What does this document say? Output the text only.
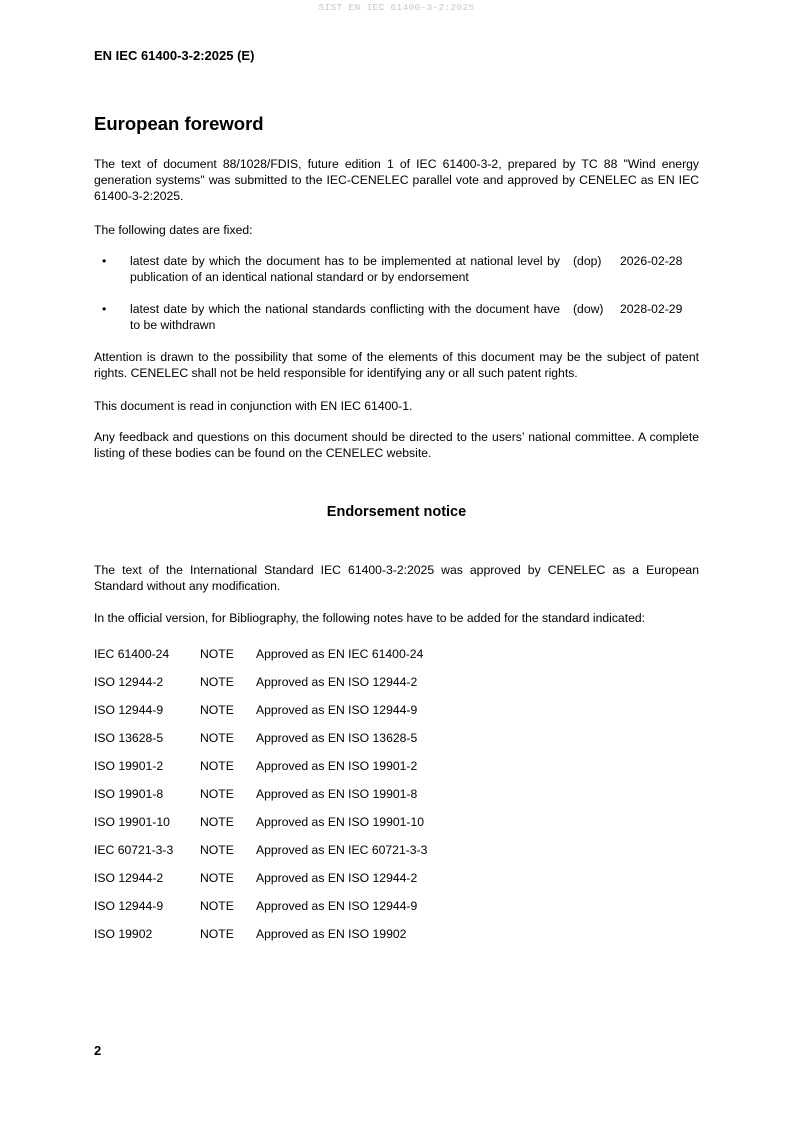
SIST EN IEC 61400-3-2:2025
EN IEC 61400-3-2:2025 (E)
European foreword

The text of document 88/1028/FDIS, future edition 1 of IEC 61400-3-2, prepared by TC 88 "Wind energy generation systems" was submitted to the IEC-CENELEC parallel vote and approved by CENELEC as EN IEC 61400-3-2:2025.

The following dates are fixed:

• latest date by which the document has to be implemented at national level by publication of an identical national standard or by endorsement
(dop) 2026-02-28
• latest date by which the national standards conflicting with the document have to be withdrawn
(dow) 2028-02-29

Attention is drawn to the possibility that some of the elements of this document may be the subject of patent rights. CENELEC shall not be held responsible for identifying any or all such patent rights.

This document is read in conjunction with EN IEC 61400-1.

Any feedback and questions on this document should be directed to the users’ national committee. A complete listing of these bodies can be found on the CENELEC website.

Endorsement notice

The text of the International Standard IEC 61400-3-2:2025 was approved by CENELEC as a European Standard without any modification.

In the official version, for Bibliography, the following notes have to be added for the standard indicated:

IEC 61400-24	NOTE Approved as EN IEC 61400-24
ISO 12944-2	NOTE Approved as EN ISO 12944-2
ISO 12944-9	NOTE Approved as EN ISO 12944-9
ISO 13628-5	NOTE Approved as EN ISO 13628-5
ISO 19901-2	NOTE Approved as EN ISO 19901-2
ISO 19901-8	NOTE Approved as EN ISO 19901-8
ISO 19901-10 NOTE Approved as EN ISO 19901-10
IEC 60721-3-3 NOTE Approved as EN IEC 60721-3-3
ISO 12944-2	NOTE Approved as EN ISO 12944-2
ISO 12944-9	NOTE Approved as EN ISO 12944-9
ISO 19902	NOTE Approved as EN ISO 19902
2
